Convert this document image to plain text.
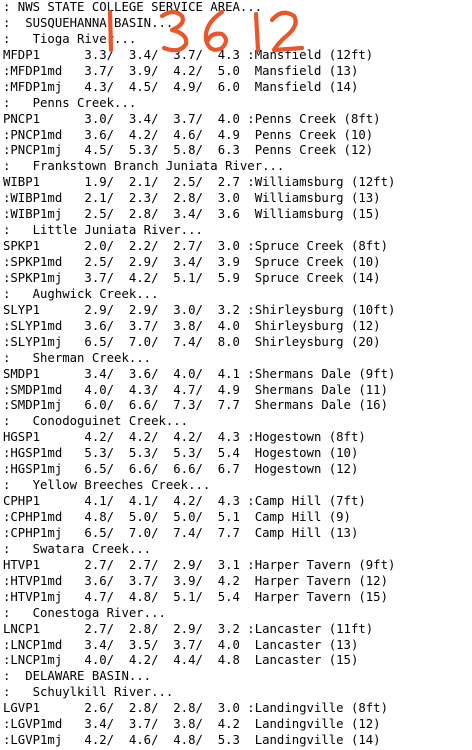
: NWS STATE COLLEGE SERVICE AREA...
:  SUSQUEHANNA BASIN...
:   Tioga River...
MFDP1      3.3/  3.4/  3.7/  4.3 :Mansfield (12ft)
:MFDP1md   3.7/  3.9/  4.2/  5.0  Mansfield (13)
:MFDP1mj   4.3/  4.5/  4.9/  6.0  Mansfield (14)
:   Penns Creek...
PNCP1      3.0/  3.4/  3.7/  4.0 :Penns Creek (8ft)
:PNCP1md   3.6/  4.2/  4.6/  4.9  Penns Creek (10)
:PNCP1mj   4.5/  5.3/  5.8/  6.3  Penns Creek (12)
:   Frankstown Branch Juniata River...
WIBP1      1.9/  2.1/  2.5/  2.7 :Williamsburg (12ft)
:WIBP1md   2.1/  2.3/  2.8/  3.0  Williamsburg (13)
:WIBP1mj   2.5/  2.8/  3.4/  3.6  Williamsburg (15)
:   Little Juniata River...
SPKP1      2.0/  2.2/  2.7/  3.0 :Spruce Creek (8ft)
:SPKP1md   2.5/  2.9/  3.4/  3.9  Spruce Creek (10)
:SPKP1mj   3.7/  4.2/  5.1/  5.9  Spruce Creek (14)
:   Aughwick Creek...
SLYP1      2.9/  2.9/  3.0/  3.2 :Shirleysburg (10ft)
:SLYP1md   3.6/  3.7/  3.8/  4.0  Shirleysburg (12)
:SLYP1mj   6.5/  7.0/  7.4/  8.0  Shirleysburg (20)
:   Sherman Creek...
SMDP1      3.4/  3.6/  4.0/  4.1 :Shermans Dale (9ft)
:SMDP1md   4.0/  4.3/  4.7/  4.9  Shermans Dale (11)
:SMDP1mj   6.0/  6.6/  7.3/  7.7  Shermans Dale (16)
:   Conodoguinet Creek...
HGSP1      4.2/  4.2/  4.2/  4.3 :Hogestown (8ft)
:HGSP1md   5.3/  5.3/  5.3/  5.4  Hogestown (10)
:HGSP1mj   6.5/  6.6/  6.6/  6.7  Hogestown (12)
:   Yellow Breeches Creek...
CPHP1      4.1/  4.1/  4.2/  4.3 :Camp Hill (7ft)
:CPHP1md   4.8/  5.0/  5.0/  5.1  Camp Hill (9)
:CPHP1mj   6.5/  7.0/  7.4/  7.7  Camp Hill (13)
:   Swatara Creek...
HTVP1      2.7/  2.7/  2.9/  3.1 :Harper Tavern (9ft)
:HTVP1md   3.6/  3.7/  3.9/  4.2  Harper Tavern (12)
:HTVP1mj   4.7/  4.8/  5.1/  5.4  Harper Tavern (15)
:   Conestoga River...
LNCP1      2.7/  2.8/  2.9/  3.2 :Lancaster (11ft)
:LNCP1md   3.4/  3.5/  3.7/  4.0  Lancaster (13)
:LNCP1mj   4.0/  4.2/  4.4/  4.8  Lancaster (15)
:  DELAWARE BASIN...
:   Schuylkill River...
LGVP1      2.6/  2.8/  2.8/  3.0 :Landingville (8ft)
:LGVP1md   3.4/  3.7/  3.8/  4.2  Landingville (12)
:LGVP1mj   4.2/  4.6/  4.8/  5.3  Landingville (14)
